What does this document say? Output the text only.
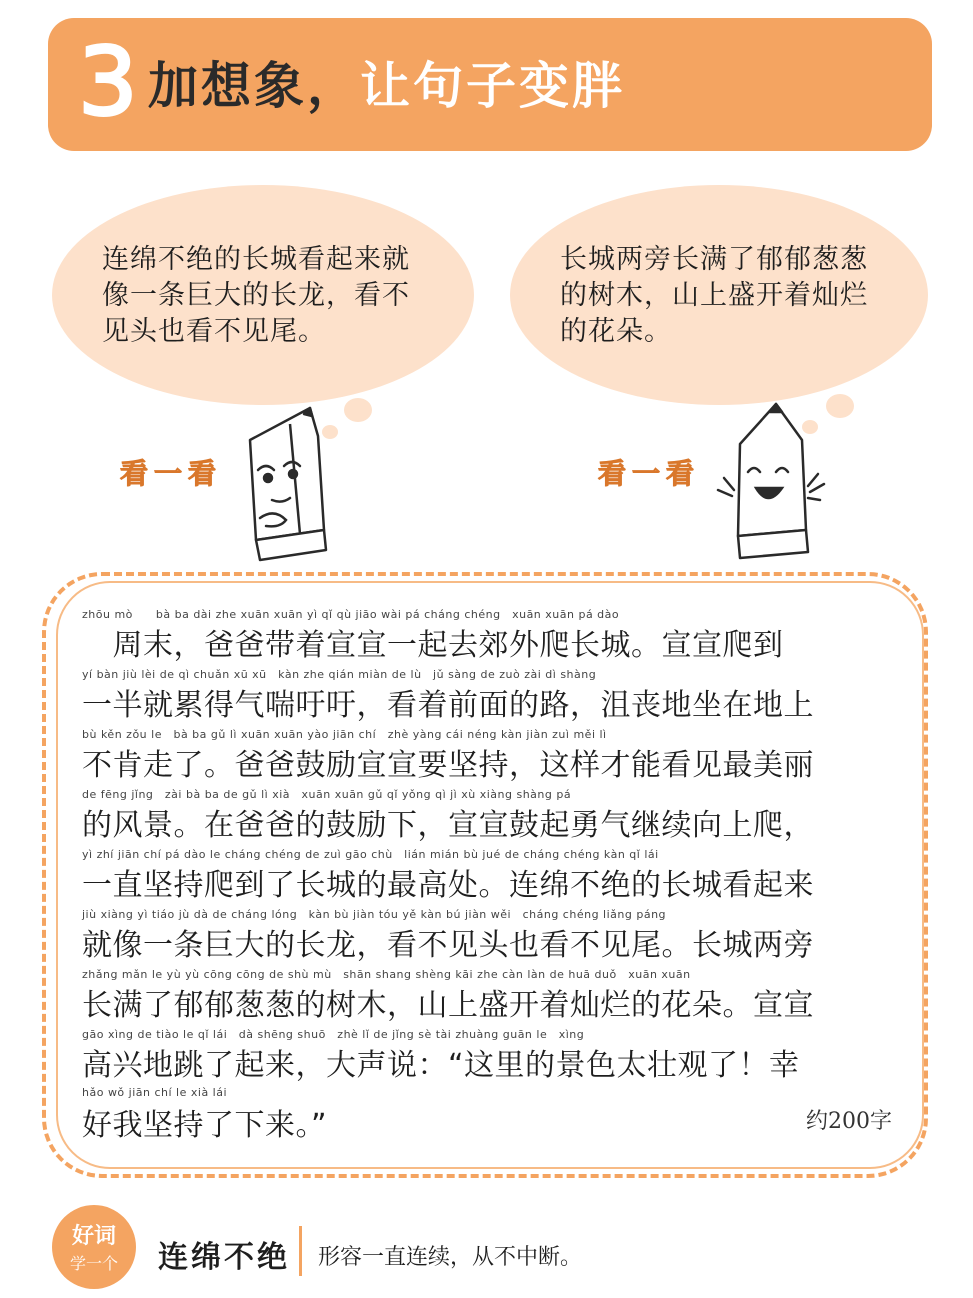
3 加想象，让句子变胖
连绵不绝的长城看起来就
像一条巨大的长龙，看不
见头也看不见尾。
长城两旁长满了郁郁葱葱
的树木，山上盛开着灿烂
的花朵。
看一看	看一看
zhōu mò　　bà ba dài zhe xuān xuān yì qǐ qù jiāo wài pá cháng chéng　xuān xuān pá dào
　周末，爸爸带着宣宣一起去郊外爬长城。宣宣爬到
yí bàn jiù lèi de qì chuǎn xū xū　kàn zhe qián miàn de lù　jǔ sàng de zuò zài dì shàng
一半就累得气喘吁吁，看着前面的路，沮丧地坐在地上
bù kěn zǒu le　bà ba gǔ lì xuān xuān yào jiān chí　zhè yàng cái néng kàn jiàn zuì měi lì
不肯走了。爸爸鼓励宣宣要坚持，这样才能看见最美丽
de fēng jǐng　zài bà ba de gǔ lì xià　xuān xuān gǔ qǐ yǒng qì jì xù xiàng shàng pá
的风景。在爸爸的鼓励下，宣宣鼓起勇气继续向上爬，
yì zhí jiān chí pá dào le cháng chéng de zuì gāo chù　lián mián bù jué de cháng chéng kàn qǐ lái
一直坚持爬到了长城的最高处。连绵不绝的长城看起来
jiù xiàng yì tiáo jù dà de cháng lóng　kàn bù jiàn tóu yě kàn bú jiàn wěi　cháng chéng liǎng páng
就像一条巨大的长龙，看不见头也看不见尾。长城两旁
zhǎng mǎn le yù yù cōng cōng de shù mù　shān shang shèng kāi zhe càn làn de huā duǒ　xuān xuān
长满了郁郁葱葱的树木，山上盛开着灿烂的花朵。宣宣
gāo xìng de tiào le qǐ lái　dà shēng shuō　zhè lǐ de jǐng sè tài zhuàng guān le　xìng
高兴地跳了起来，大声说：“这里的景色太壮观了！幸
hǎo wǒ jiān chí le xià lái
好我坚持了下来。”	约200字
好词
学一个	连绵不绝 形容一直连续，从不中断。
